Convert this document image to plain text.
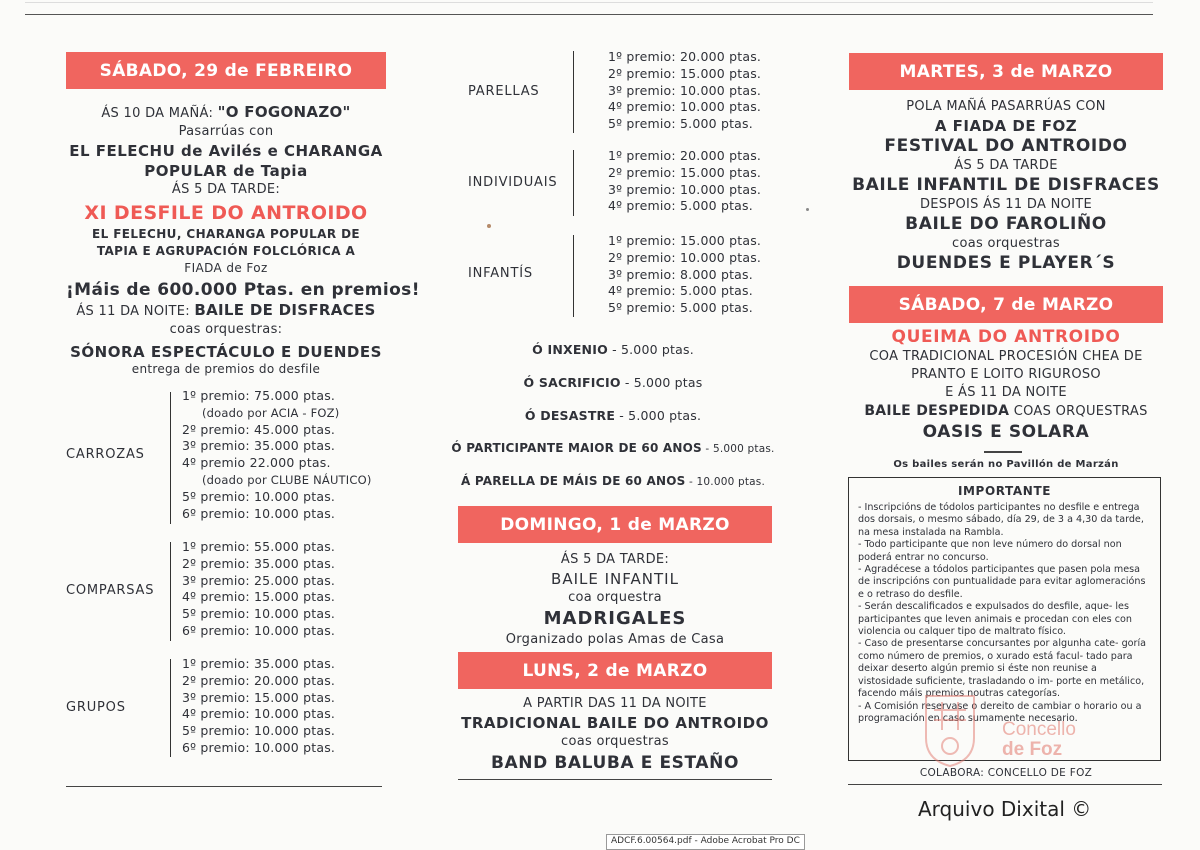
SÁBADO, 29 de FEBREIRO
ÁS 10 DA MAÑÁ: "O FOGONAZO"
Pasarrúas con
EL FELECHU de Avilés e CHARANGA
POPULAR de Tapia
ÁS 5 DA TARDE:
XI DESFILE DO ANTROIDO
EL FELECHU, CHARANGA POPULAR DE
TAPIA E AGRUPACIÓN FOLCLÓRICA A
FIADA de Foz
¡Máis de 600.000 Ptas. en premios!
ÁS 11 DA NOITE: BAILE DE DISFRACES
coas orquestras:
SÓNORA ESPECTÁCULO E DUENDES
entrega de premios do desfile
CARROZAS
1º premio: 75.000 ptas.
(doado por ACIA - FOZ)
2º premio: 45.000 ptas.
3º premio: 35.000 ptas.
4º premio 22.000 ptas.
(doado por CLUBE NÁUTICO)
5º premio: 10.000 ptas.
6º premio: 10.000 ptas.
COMPARSAS
1º premio: 55.000 ptas.
2º premio: 35.000 ptas.
3º premio: 25.000 ptas.
4º premio: 15.000 ptas.
5º premio: 10.000 ptas.
6º premio: 10.000 ptas.
GRUPOS
1º premio: 35.000 ptas.
2º premio: 20.000 ptas.
3º premio: 15.000 ptas.
4º premio: 10.000 ptas.
5º premio: 10.000 ptas.
6º premio: 10.000 ptas.
PARELLAS
1º premio: 20.000 ptas.
2º premio: 15.000 ptas.
3º premio: 10.000 ptas.
4º premio: 10.000 ptas.
5º premio: 5.000 ptas.
INDIVIDUAIS
1º premio: 20.000 ptas.
2º premio: 15.000 ptas.
3º premio: 10.000 ptas.
4º premio: 5.000 ptas.
INFANTÍS
1º premio: 15.000 ptas.
2º premio: 10.000 ptas.
3º premio: 8.000 ptas.
4º premio: 5.000 ptas.
5º premio: 5.000 ptas.
Ó INXENIO - 5.000 ptas.
Ó SACRIFICIO - 5.000 ptas
Ó DESASTRE - 5.000 ptas.
Ó PARTICIPANTE MAIOR DE 60 ANOS - 5.000 ptas.
Á PARELLA DE MÁIS DE 60 ANOS - 10.000 ptas.
DOMINGO, 1 de MARZO
ÁS 5 DA TARDE:
BAILE INFANTIL
coa orquestra
MADRIGALES
Organizado polas Amas de Casa
LUNS, 2 de MARZO
A PARTIR DAS 11 DA NOITE
TRADICIONAL BAILE DO ANTROIDO
coas orquestras
BAND BALUBA E ESTAÑO
MARTES, 3 de MARZO
POLA MAÑÁ PASARRÚAS CON
A FIADA DE FOZ
FESTIVAL DO ANTROIDO
ÁS 5 DA TARDE
BAILE INFANTIL DE DISFRACES
DESPOIS ÁS 11 DA NOITE
BAILE DO FAROLIÑO
coas orquestras
DUENDES E PLAYER´S
SÁBADO, 7 de MARZO
QUEIMA DO ANTROIDO
COA TRADICIONAL PROCESIÓN CHEA DE
PRANTO E LOITO RIGUROSO
E ÁS 11 DA NOITE
BAILE DESPEDIDA COAS ORQUESTRAS
OASIS E SOLARA
Os bailes serán no Pavillón de Marzán
IMPORTANTE

- Inscripcións de tódolos participantes no desfile e entrega dos dorsais, o mesmo sábado, día 29, de 3 a 4,30 da tarde, na mesa instalada na Rambla.

- Todo participante que non leve número do dorsal non poderá entrar no concurso.

- Agradécese a tódolos participantes que pasen pola mesa de inscripcións con puntualidade para evitar aglomeracións e o retraso do desfile.

- Serán descalificados e expulsados do desfile, aque- les participantes que leven animais e procedan con eles con violencia ou calquer tipo de maltrato físico.

- Caso de presentarse concursantes por algunha cate- goría como número de premios, o xurado está facul- tado para deixar deserto algún premio si éste non reunise a vistosidade suficiente, trasladando o im- porte en metálico, facendo máis premios noutras categorías.

- A Comisión reservase o dereito de cambiar o horario ou a programación en caso sumamente necesario.

COLABORA: CONCELLO DE FOZ
Concello
de Foz
Arquivo Dixital ©
ADCF.6.00564.pdf - Adobe Acrobat Pro DC
